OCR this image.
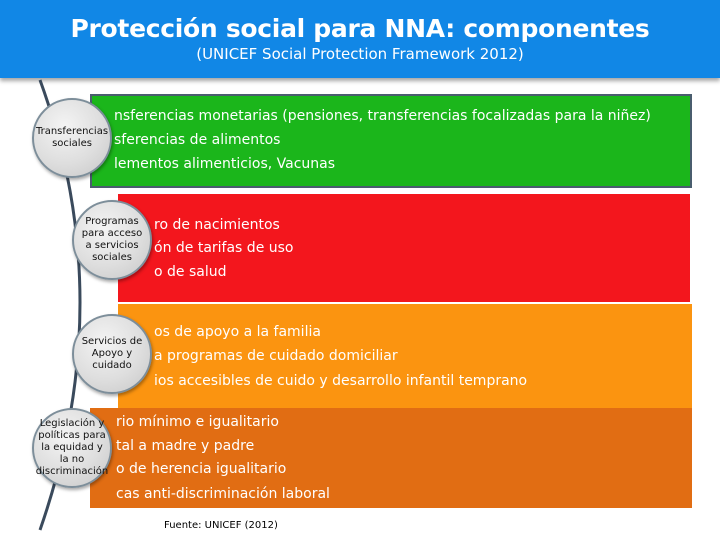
Protección social para NNA: componentes
(UNICEF Social Protection Framework 2012)
nsferencias monetarias (pensiones, transferencias focalizadas para la niñez)
sferencias de alimentos
lementos alimenticios, Vacunas
ro de nacimientos
ón de tarifas de uso
o de salud
os de apoyo a la familia
a programas de cuidado domiciliar
ios accesibles de cuido y desarrollo infantil temprano
rio mínimo e igualitario
tal a madre y padre
o de herencia igualitario
cas anti-discriminación laboral
Transferencias sociales
Programas para acceso a servicios sociales
Servicios de Apoyo y cuidado
Legislación y políticas para la equidad y la no discriminación
Fuente: UNICEF (2012)
